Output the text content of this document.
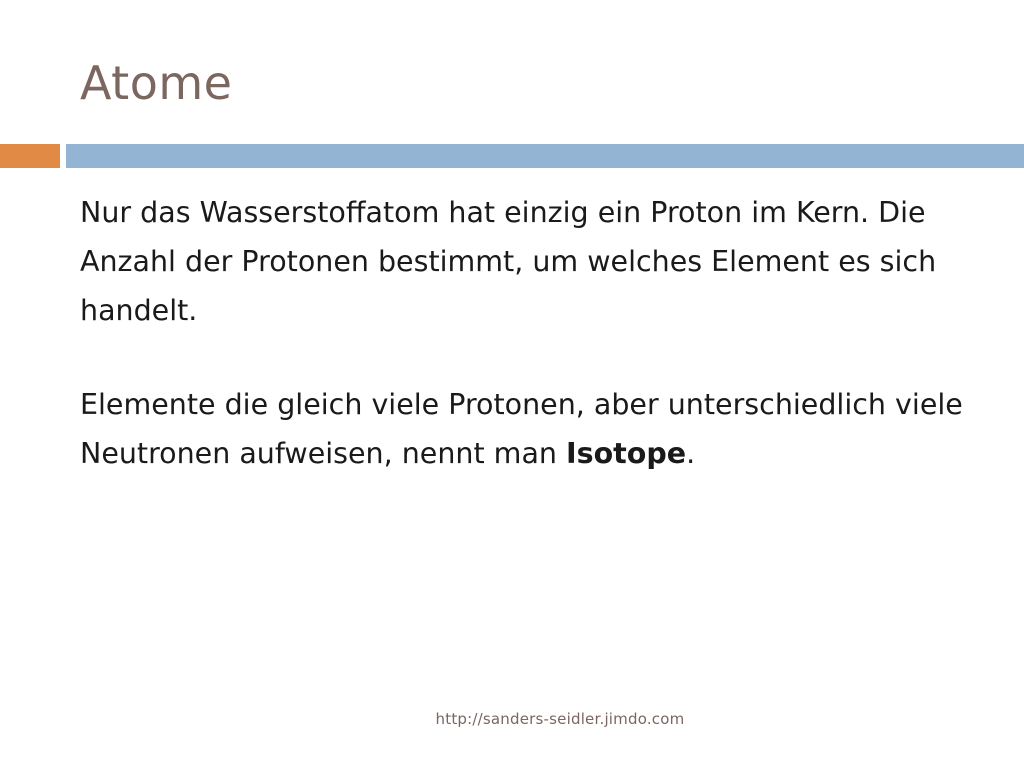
Atome

Nur das Wasserstoffatom hat einzig ein Proton im Kern. Die Anzahl der Protonen bestimmt, um welches Element es sich handelt.

Elemente die gleich viele Protonen, aber unterschiedlich viele Neutronen aufweisen, nennt man Isotope.

http://sanders-seidler.jimdo.com
